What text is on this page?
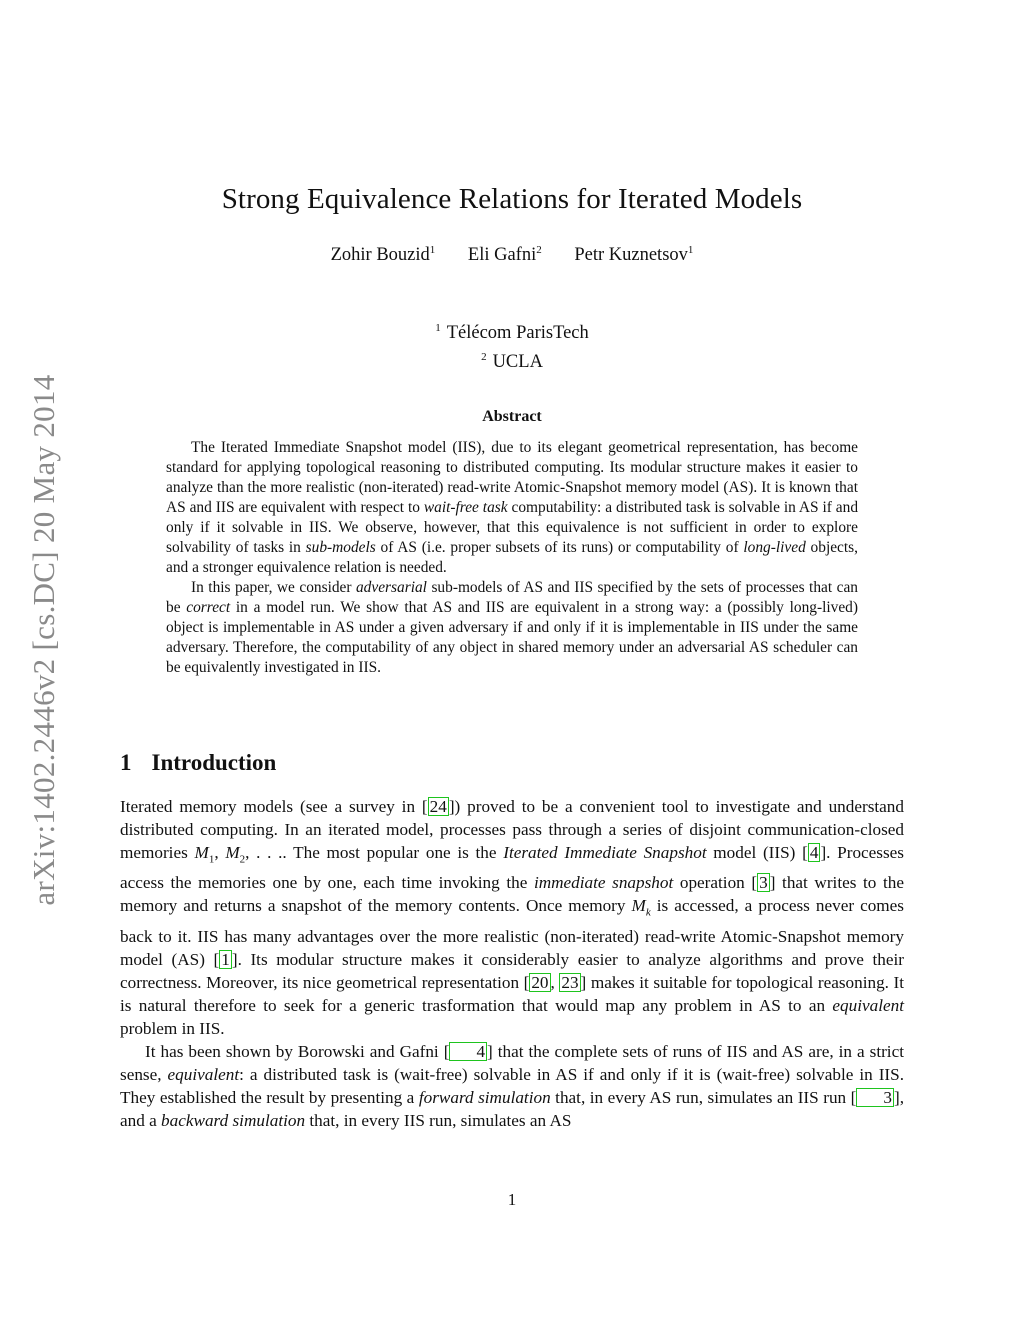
arXiv:1402.2446v2 [cs.DC] 20 May 2014
Strong Equivalence Relations for Iterated Models
Zohir Bouzid$^1$ Eli Gafni$^2$ Petr Kuznetsov$^1$
$^1$ Télécom ParisTech
$^2$ UCLA
Abstract

The Iterated Immediate Snapshot model (IIS), due to its elegant geometrical representation, has become standard for applying topological reasoning to distributed computing. Its modular structure makes it easier to analyze than the more realistic (non-iterated) read-write Atomic-Snapshot memory model (AS). It is known that AS and IIS are equivalent with respect to wait-free task computability: a distributed task is solvable in AS if and only if it solvable in IIS. We observe, however, that this equivalence is not sufficient in order to explore solvability of tasks in sub-models of AS (i.e. proper subsets of its runs) or computability of long-lived objects, and a stronger equivalence relation is needed.

In this paper, we consider adversarial sub-models of AS and IIS specified by the sets of processes that can be correct in a model run. We show that AS and IIS are equivalent in a strong way: a (possibly long-lived) object is implementable in AS under a given adversary if and only if it is implementable in IIS under the same adversary. Therefore, the computability of any object in shared memory under an adversarial AS scheduler can be equivalently investigated in IIS.

1 Introduction

Iterated memory models (see a survey in [ 24 ]) proved to be a convenient tool to investigate and understand distributed computing. In an iterated model, processes pass through a series of disjoint communication-closed memories $M_1$, $M_2$, . . .. The most popular one is the Iterated Immediate Snapshot model (IIS) [ 4 ]. Processes access the memories one by one, each time invoking the immediate snapshot operation [ 3 ] that writes to the memory and returns a snapshot of the memory contents. Once memory $M_k$ is accessed, a process never comes back to it. IIS has many advantages over the more realistic (non-iterated) read-write Atomic-Snapshot memory model (AS) [ 1 ]. Its modular structure makes it considerably easier to analyze algorithms and prove their correctness. Moreover, its nice geometrical representation [ 20 , 23 ] makes it suitable for topological reasoning. It is natural therefore to seek for a generic trasformation that would map any problem in AS to an equivalent problem in IIS.

It has been shown by Borowski and Gafni [ 4 ] that the complete sets of runs of IIS and AS are, in a strict sense, equivalent: a distributed task is (wait-free) solvable in AS if and only if it is (wait-free) solvable in IIS. They established the result by presenting a forward simulation that, in every AS run, simulates an IIS run [ 3 ], and a backward simulation that, in every IIS run, simulates an AS

1
